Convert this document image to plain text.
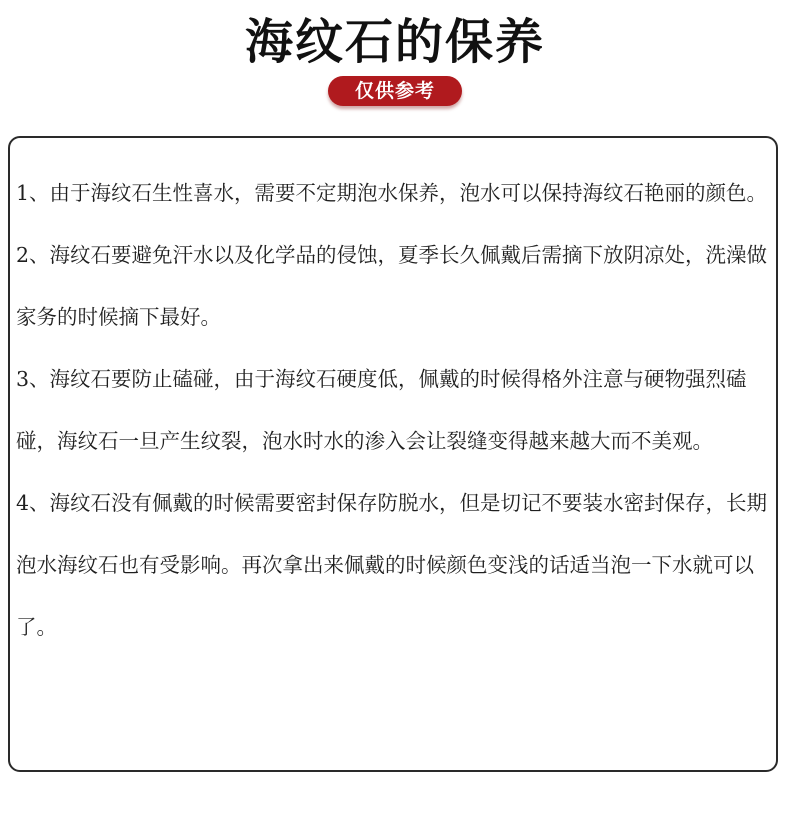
海纹石的保养
仅供参考

1、由于海纹石生性喜水，需要不定期泡水保养，泡水可以保持海纹石艳丽的颜色。

2、海纹石要避免汗水以及化学品的侵蚀，夏季长久佩戴后需摘下放阴凉处，洗澡做家务的时候摘下最好。

3、海纹石要防止磕碰，由于海纹石硬度低，佩戴的时候得格外注意与硬物强烈磕碰，海纹石一旦产生纹裂，泡水时水的渗入会让裂缝变得越来越大而不美观。

4、海纹石没有佩戴的时候需要密封保存防脱水，但是切记不要装水密封保存，长期泡水海纹石也有受影响。再次拿出来佩戴的时候颜色变浅的话适当泡一下水就可以了。
